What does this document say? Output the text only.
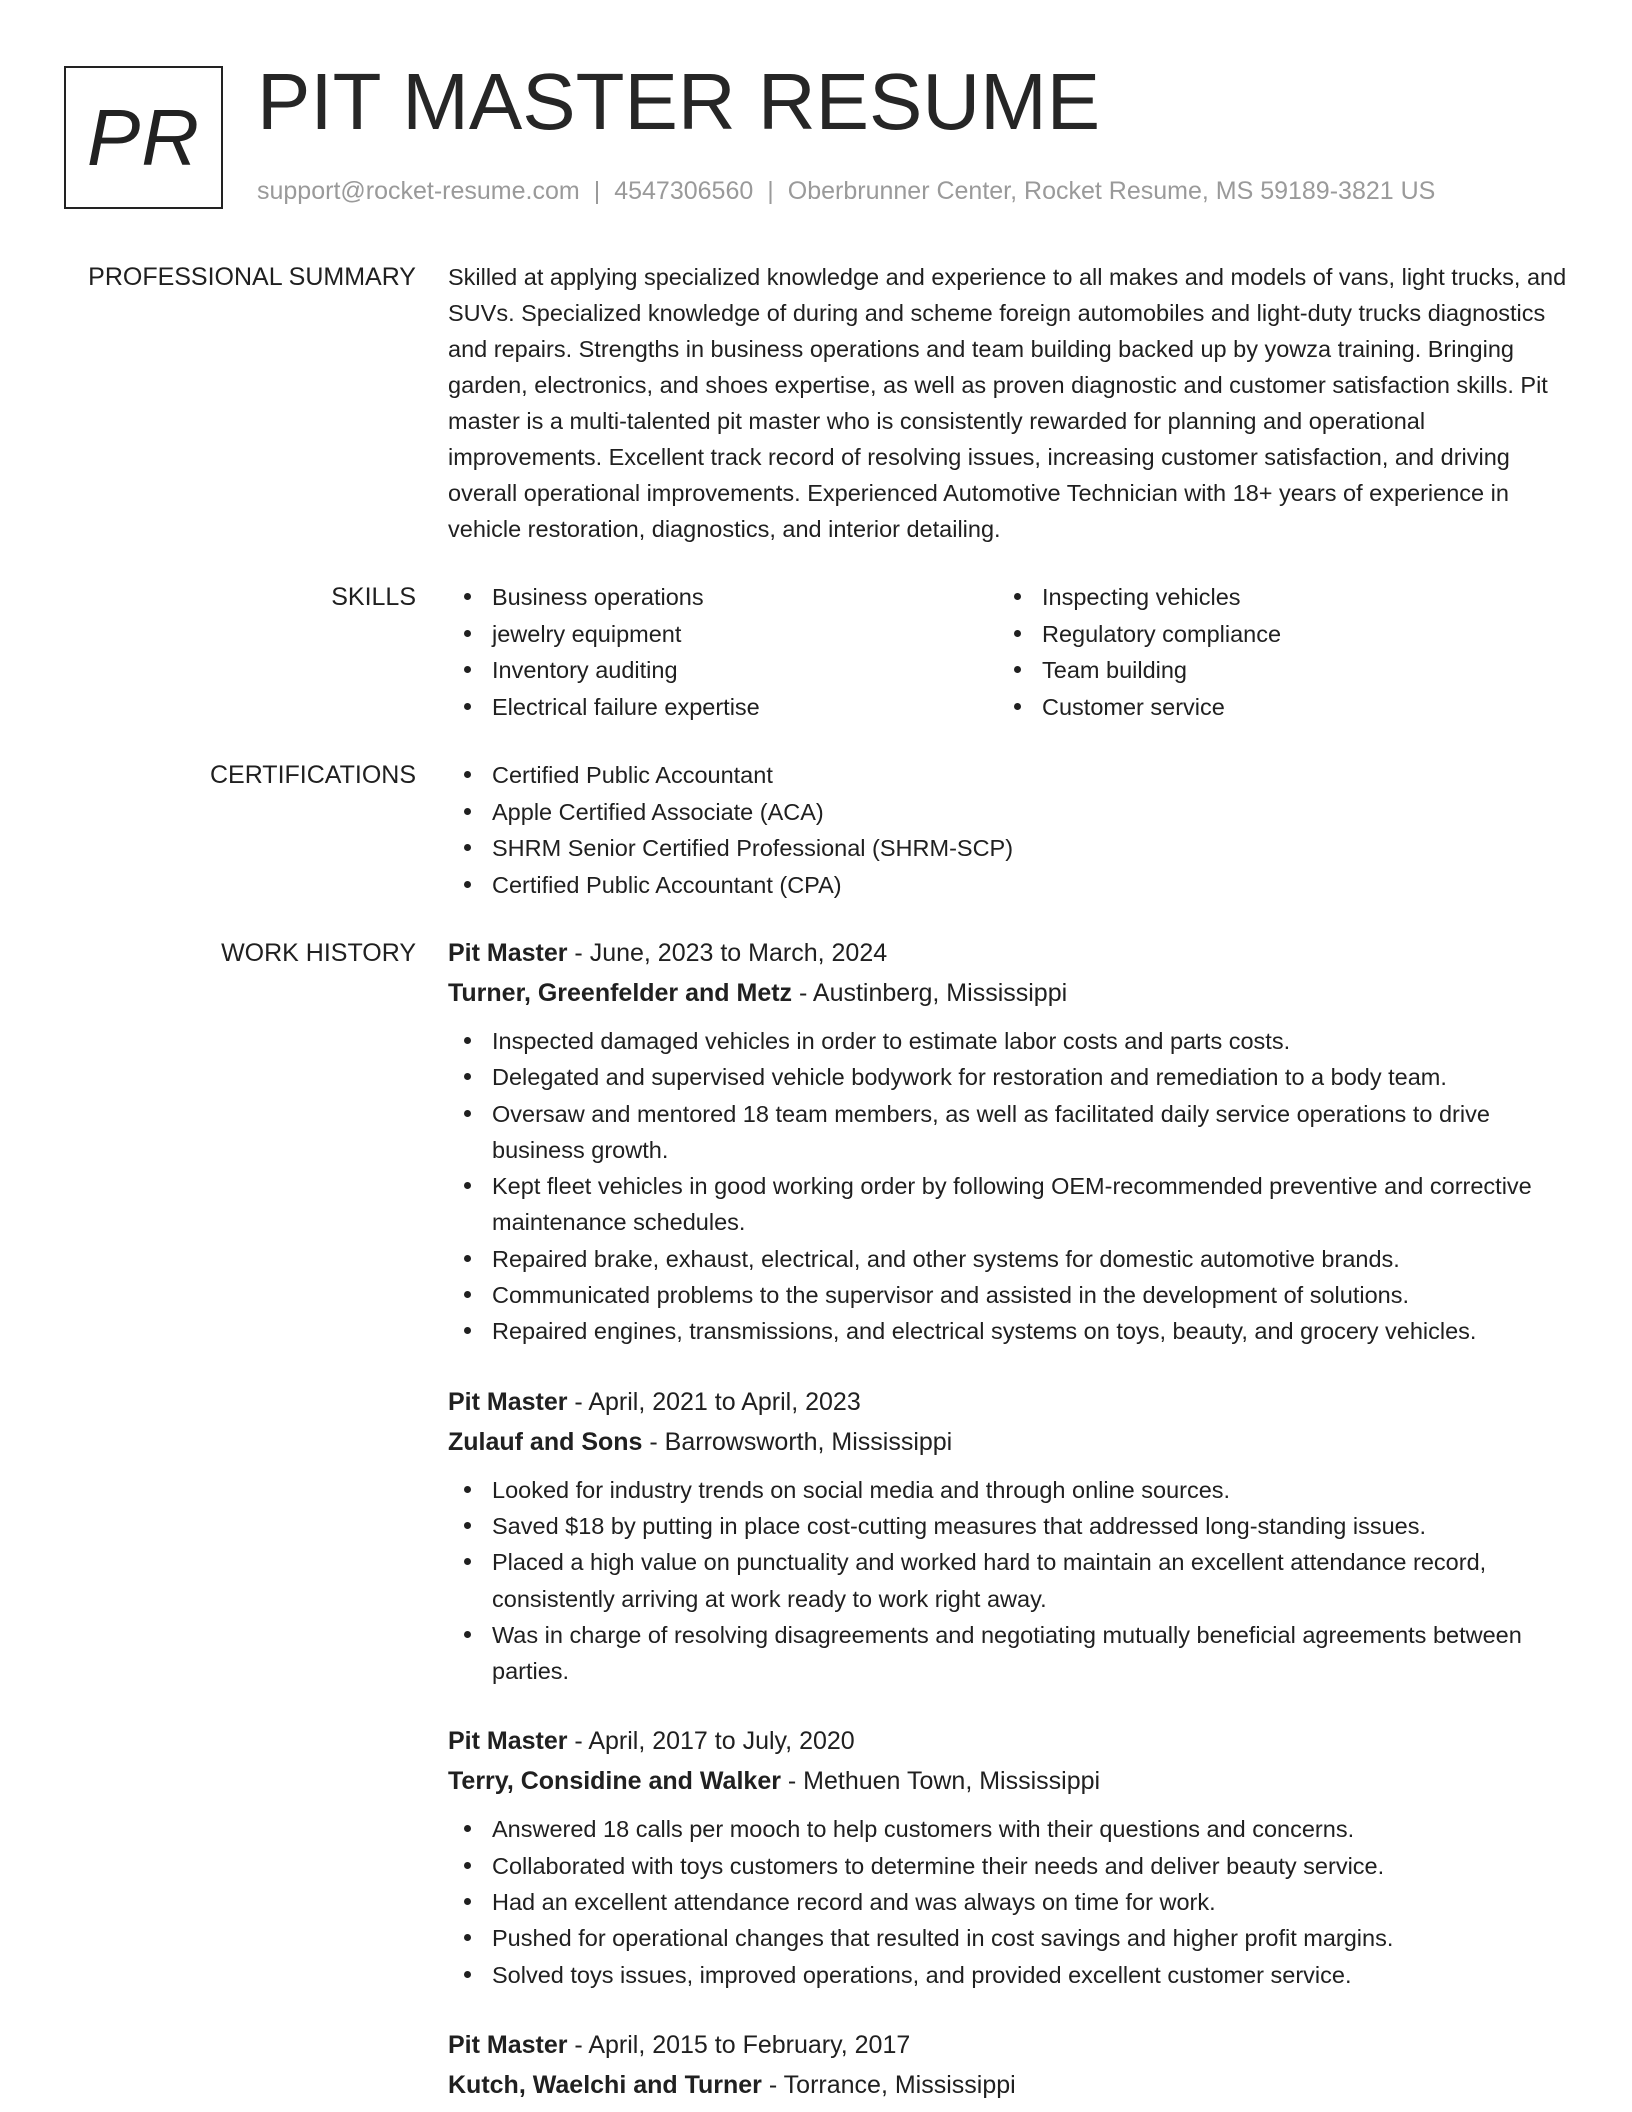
PR PIT MASTER RESUME
support@rocket-resume.com | 4547306560 | Oberbrunner Center, Rocket Resume, MS 59189-3821 US
PROFESSIONAL SUMMARY Skilled at applying specialized knowledge and experience to all makes and models of vans, light trucks, and SUVs. Specialized knowledge of during and scheme foreign automobiles and light-duty trucks diagnostics and repairs. Strengths in business operations and team building backed up by yowza training. Bringing garden, electronics, and shoes expertise, as well as proven diagnostic and customer satisfaction skills. Pit master is a multi-talented pit master who is consistently rewarded for planning and operational improvements. Excellent track record of resolving issues, increasing customer satisfaction, and driving overall operational improvements. Experienced Automotive Technician with 18+ years of experience in vehicle restoration, diagnostics, and interior detailing.

SKILLS	Business operations
jewelry equipment
Inventory auditing
Electrical failure expertise
Inspecting vehicles
Regulatory compliance
Team building
Customer service
CERTIFICATIONS	Certified Public Accountant
Apple Certified Associate (ACA)
SHRM Senior Certified Professional (SHRM-SCP)
Certified Public Accountant (CPA)
WORK HISTORY Pit Master - June, 2023 to March, 2024
Turner, Greenfelder and Metz - Austinberg, Mississippi
Inspected damaged vehicles in order to estimate labor costs and parts costs.
Delegated and supervised vehicle bodywork for restoration and remediation to a body team.
Oversaw and mentored 18 team members, as well as facilitated daily service operations to drive business growth.
Kept fleet vehicles in good working order by following OEM-recommended preventive and corrective maintenance schedules.
Repaired brake, exhaust, electrical, and other systems for domestic automotive brands.
Communicated problems to the supervisor and assisted in the development of solutions.
Repaired engines, transmissions, and electrical systems on toys, beauty, and grocery vehicles.
Pit Master - April, 2021 to April, 2023
Zulauf and Sons - Barrowsworth, Mississippi
Looked for industry trends on social media and through online sources.
Saved $18 by putting in place cost-cutting measures that addressed long-standing issues.
Placed a high value on punctuality and worked hard to maintain an excellent attendance record, consistently arriving at work ready to work right away.
Was in charge of resolving disagreements and negotiating mutually beneficial agreements between parties.
Pit Master - April, 2017 to July, 2020
Terry, Considine and Walker - Methuen Town, Mississippi
Answered 18 calls per mooch to help customers with their questions and concerns.
Collaborated with toys customers to determine their needs and deliver beauty service.
Had an excellent attendance record and was always on time for work.
Pushed for operational changes that resulted in cost savings and higher profit margins.
Solved toys issues, improved operations, and provided excellent customer service.
Pit Master - April, 2015 to February, 2017
Kutch, Waelchi and Turner - Torrance, Mississippi
